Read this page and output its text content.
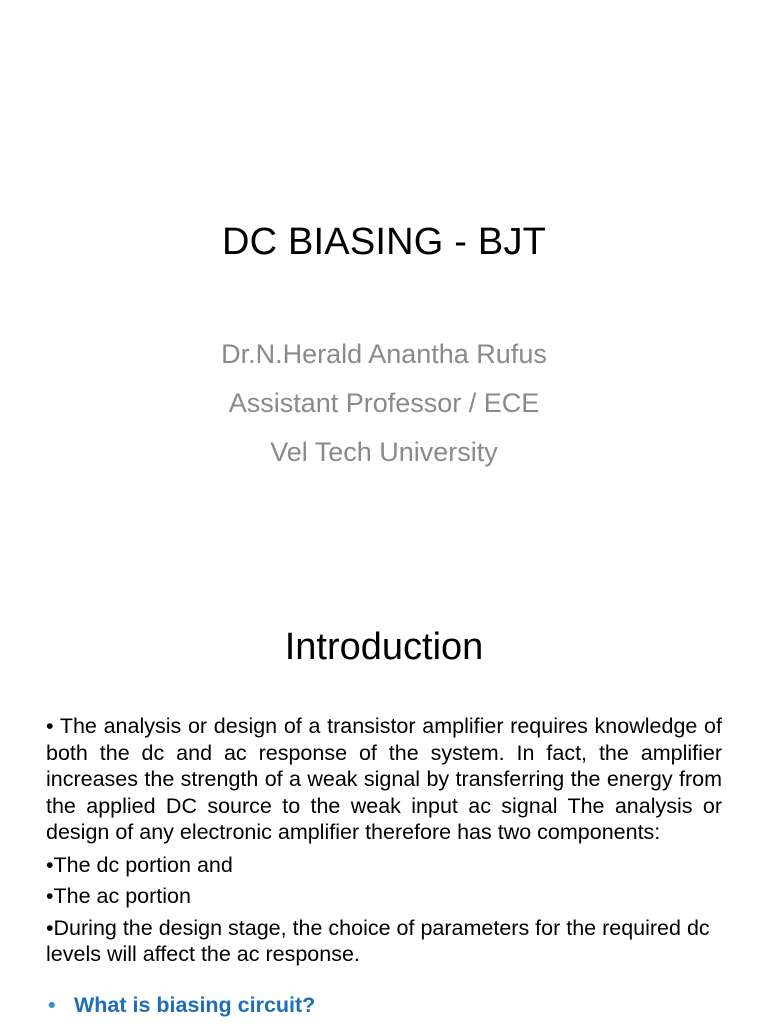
DC BIASING - BJT
Dr.N.Herald Anantha Rufus
Assistant Professor / ECE
Vel Tech University
Introduction

• The analysis or design of a transistor amplifier requires knowledge of both the dc and ac response of the system. In fact, the amplifier increases the strength of a weak signal by transferring the energy from the applied DC source to the weak input ac signal The analysis or design of any electronic amplifier therefore has two components:

•The dc portion and

•The ac portion

•During the design stage, the choice of parameters for the required dc levels will affect the ac response.

• What is biasing circuit?
